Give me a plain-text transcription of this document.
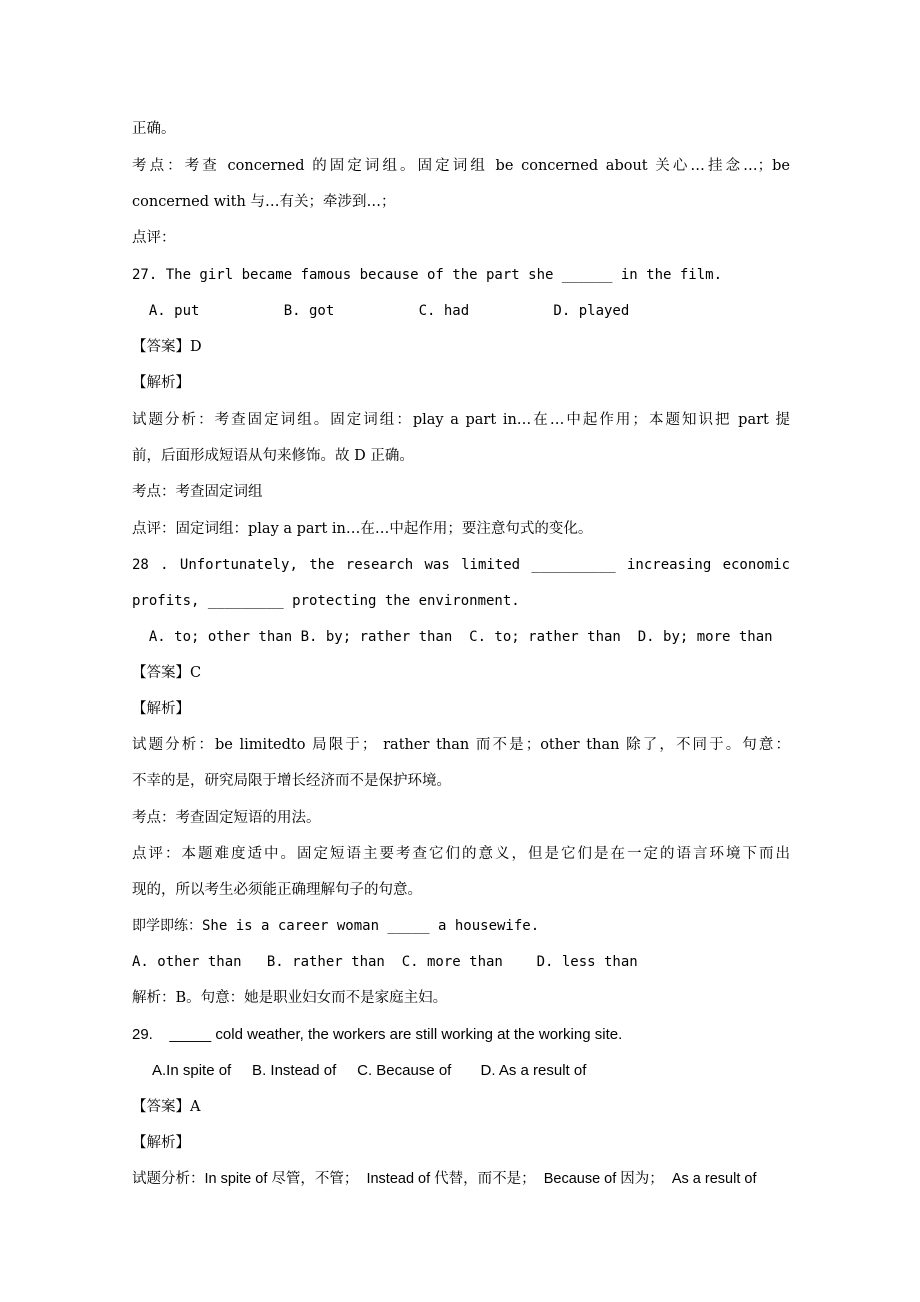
正确。
考点：考查 concerned 的固定词组。固定词组 be concerned about 关心…挂念…；be
concerned with 与…有关；牵涉到…；
点评：
27. The girl became famous because of the part she ______ in the film.
A. put          B. got          C. had          D. played
【答案】D
【解析】
试题分析：考查固定词组。固定词组：play a part in…在…中起作用；本题知识把 part 提
前，后面形成短语从句来修饰。故 D 正确。
考点：考查固定词组
点评：固定词组：play a part in…在…中起作用；要注意句式的变化。
28 . Unfortunately, the research was limited __________ increasing economic
profits, _________ protecting the environment.
A. to; other than B. by; rather than  C. to; rather than  D. by; more than
【答案】C
【解析】
试题分析：be limitedto 局限于； rather than 而不是；other than 除了，不同于。句意：
不幸的是，研究局限于增长经济而不是保护环境。
考点：考查固定短语的用法。
点评：本题难度适中。固定短语主要考查它们的意义，但是它们是在一定的语言环境下而出
现的，所以考生必须能正确理解句子的句意。
即学即练：She is a career woman _____ a housewife.
A. other than   B. rather than  C. more than    D. less than
解析：B。句意：她是职业妇女而不是家庭主妇。
29.    _____ cold weather, the workers are still working at the working site.
A.In spite of     B. Instead of     C. Because of       D. As a result of
【答案】A
【解析】
试题分析：In spite of 尽管，不管；  Instead of 代替，而不是；  Because of 因为；  As a result of
